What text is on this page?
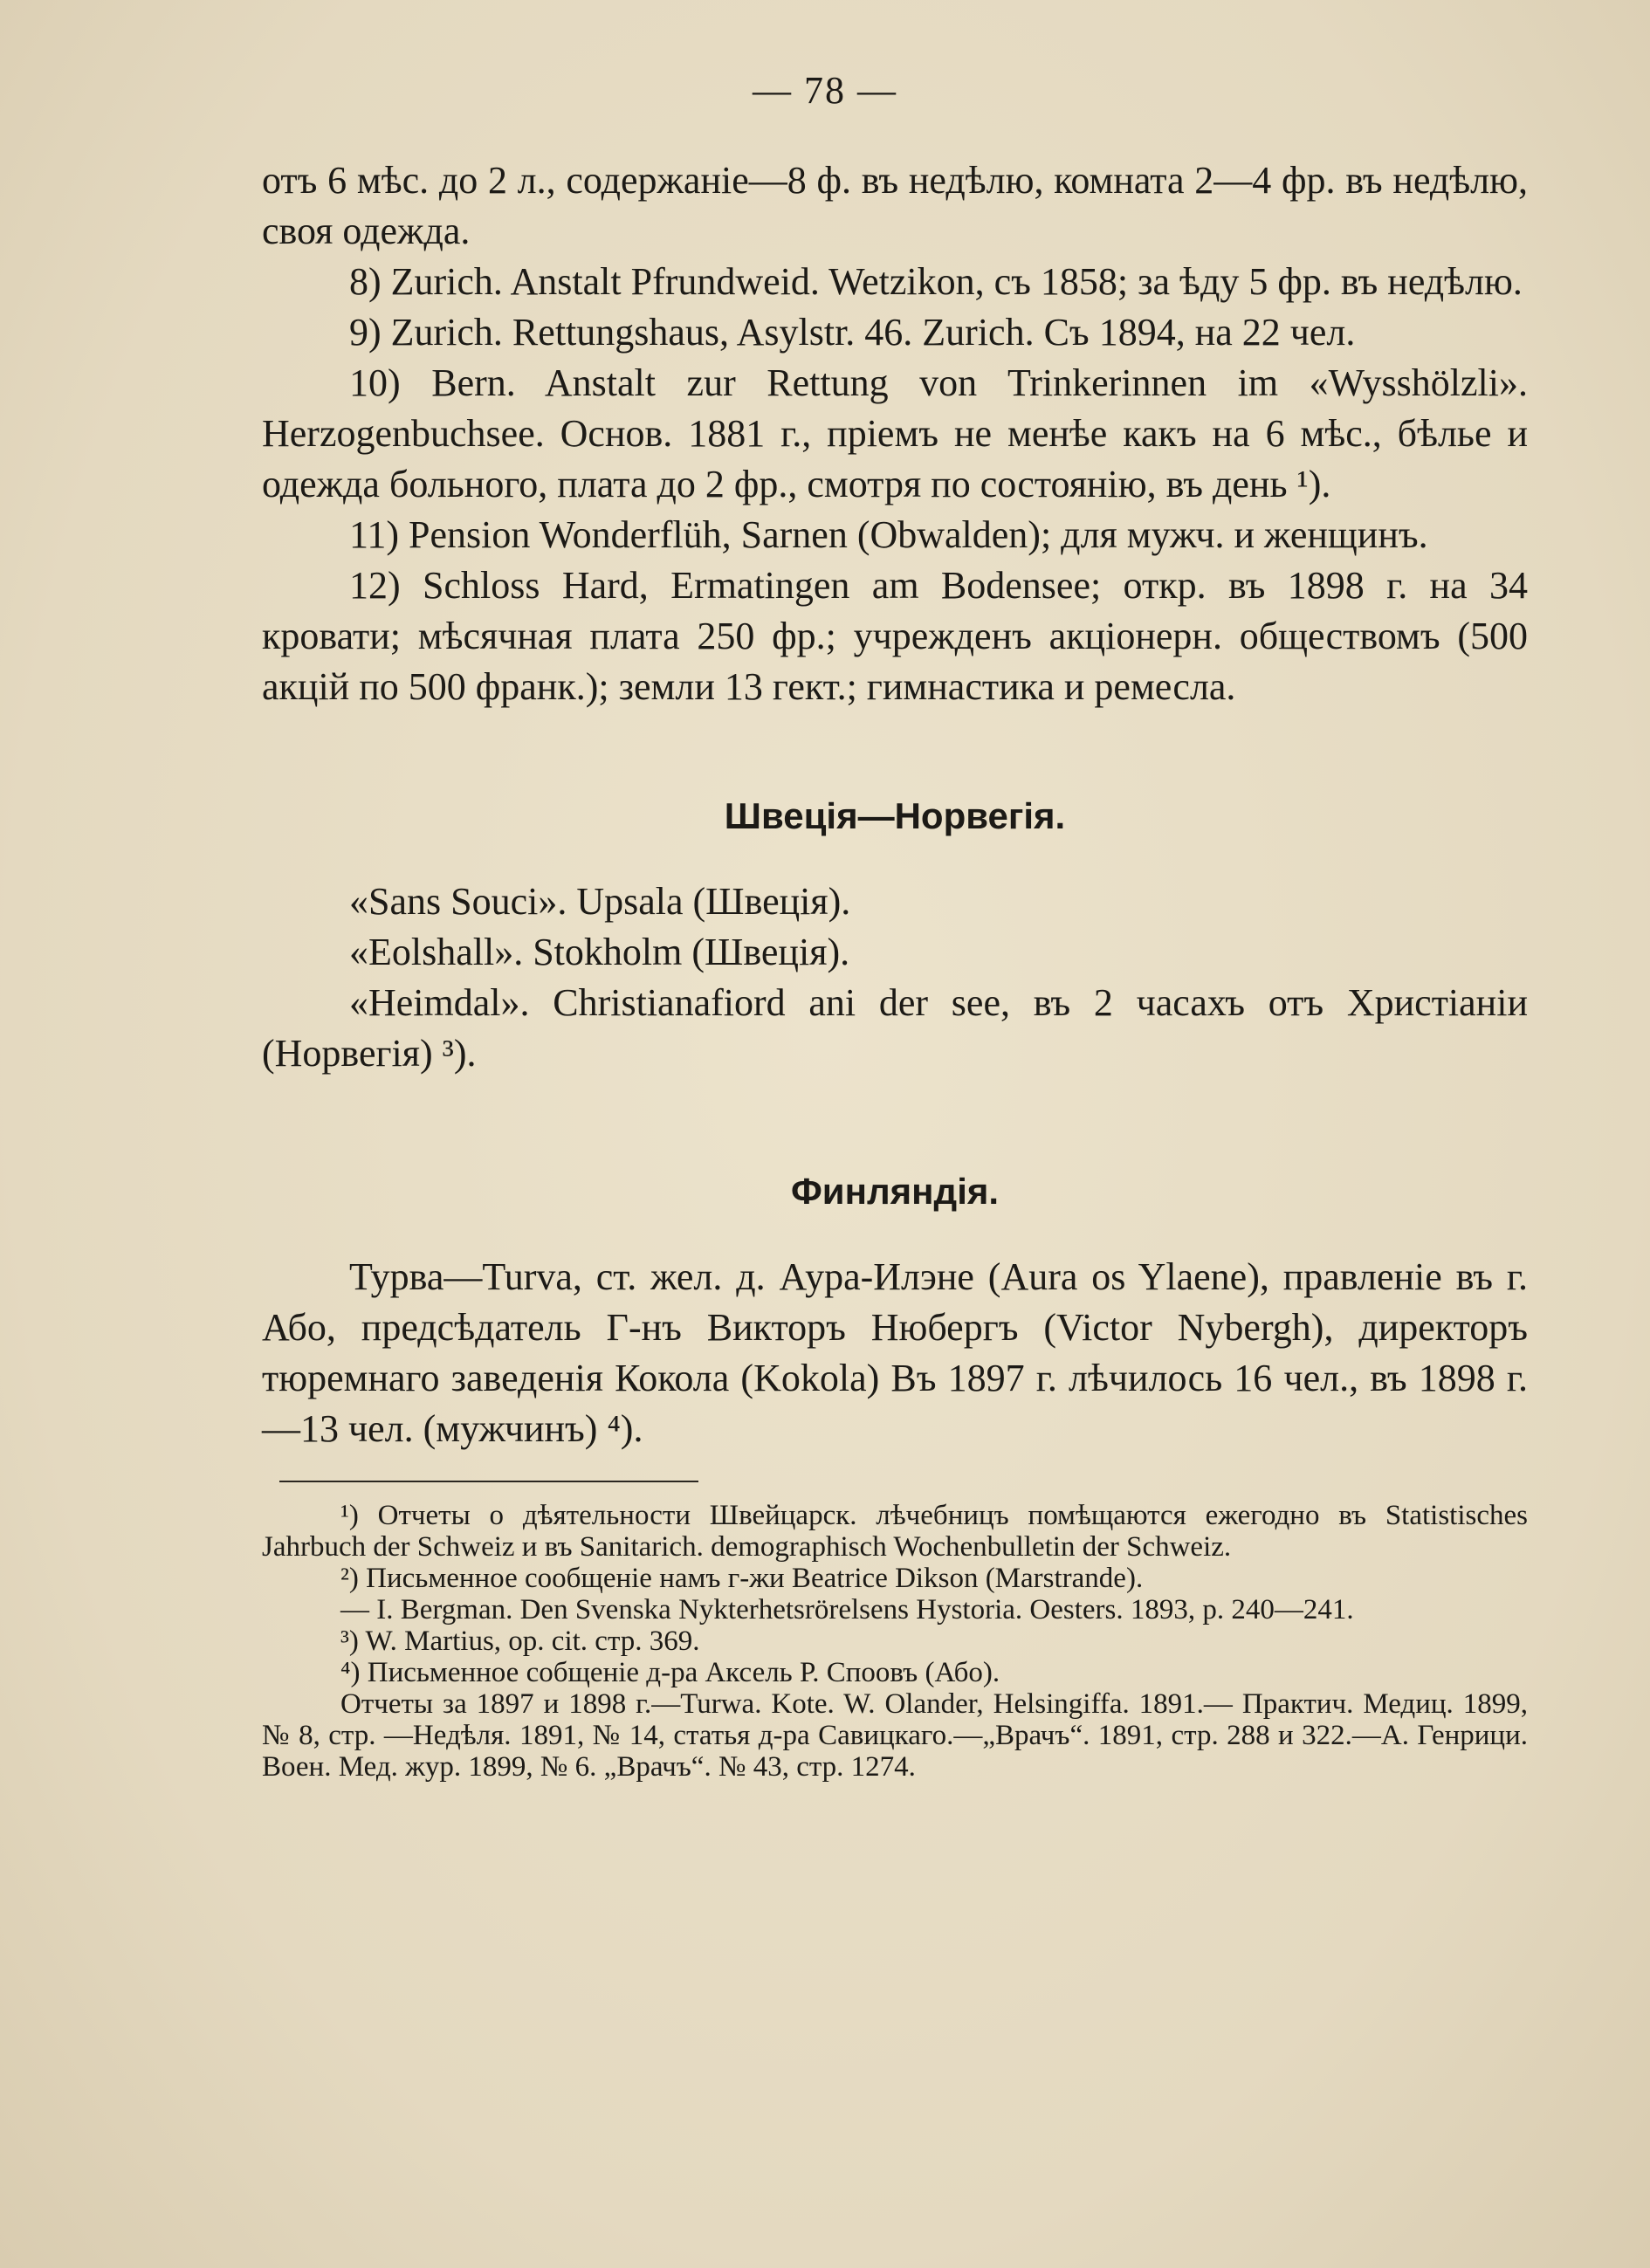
— 78 —

отъ 6 мѣс. до 2 л., содержаніе—8 ф. въ недѣлю, комната 2—4 фр. въ недѣлю, своя одежда.

8) Zurich. Anstalt Pfrundweid. Wetzikon, съ 1858; за ѣду 5 фр. въ недѣлю.

9) Zurich. Rettungshaus, Asylstr. 46. Zurich. Съ 1894, на 22 чел.

10) Bern. Anstalt zur Rettung von Trinkerinnen im «Wysshölzli». Herzogenbuchsee. Основ. 1881 г., пріемъ не менѣе какъ на 6 мѣс., бѣлье и одежда больного, плата до 2 фр., смотря по состоянію, въ день ¹).

11) Pension Wonderflüh, Sarnen (Obwalden); для мужч. и женщинъ.

12) Schloss Hard, Ermatingen am Bodensee; откр. въ 1898 г. на 34 кровати; мѣсячная плата 250 фр.; учрежденъ акціонерн. обществомъ (500 акцій по 500 франк.); земли 13 гект.; гимнастика и ремесла.

Швеція—Норвегія.

«Sans Souci». Upsala (Швеція).

«Eolshall». Stokholm (Швеція).

«Heimdal». Christianafiord ani der see, въ 2 часахъ отъ Христіаніи (Норвегія) ³).

Финляндія.

Турва—Turva, ст. жел. д. Аура-Илэне (Aura os Ylaene), правленіе въ г. Або, предсѣдатель Г-нъ Викторъ Нюбергъ (Victor Nybergh), директоръ тюремнаго заведенія Кокола (Kokola) Въ 1897 г. лѣчилось 16 чел., въ 1898 г.—13 чел. (мужчинъ) ⁴).

¹) Отчеты о дѣятельности Швейцарск. лѣчебницъ помѣщаются ежегодно въ Statistisches Jahrbuch der Schweiz и въ Sanitarich. demographisch Wochenbulletin der Schweiz.

²) Письменное сообщеніе намъ г-жи Beatrice Dikson (Marstrande).

— I. Bergman. Den Svenska Nykterhetsrörelsens Hystoria. Oesters. 1893, p. 240—241.

³) W. Martius, op. cit. стр. 369.

⁴) Письменное собщеніе д-ра Аксель Р. Споовъ (Або).

Отчеты за 1897 и 1898 г.—Turwa. Kote. W. Olander, Helsingiffa. 1891.— Практич. Медиц. 1899, № 8, стр. —Недѣля. 1891, № 14, статья д-ра Савицкаго.—„Врачъ“. 1891, стр. 288 и 322.—А. Генрици. Воен. Мед. жур. 1899, № 6. „Врачъ“. № 43, стр. 1274.
